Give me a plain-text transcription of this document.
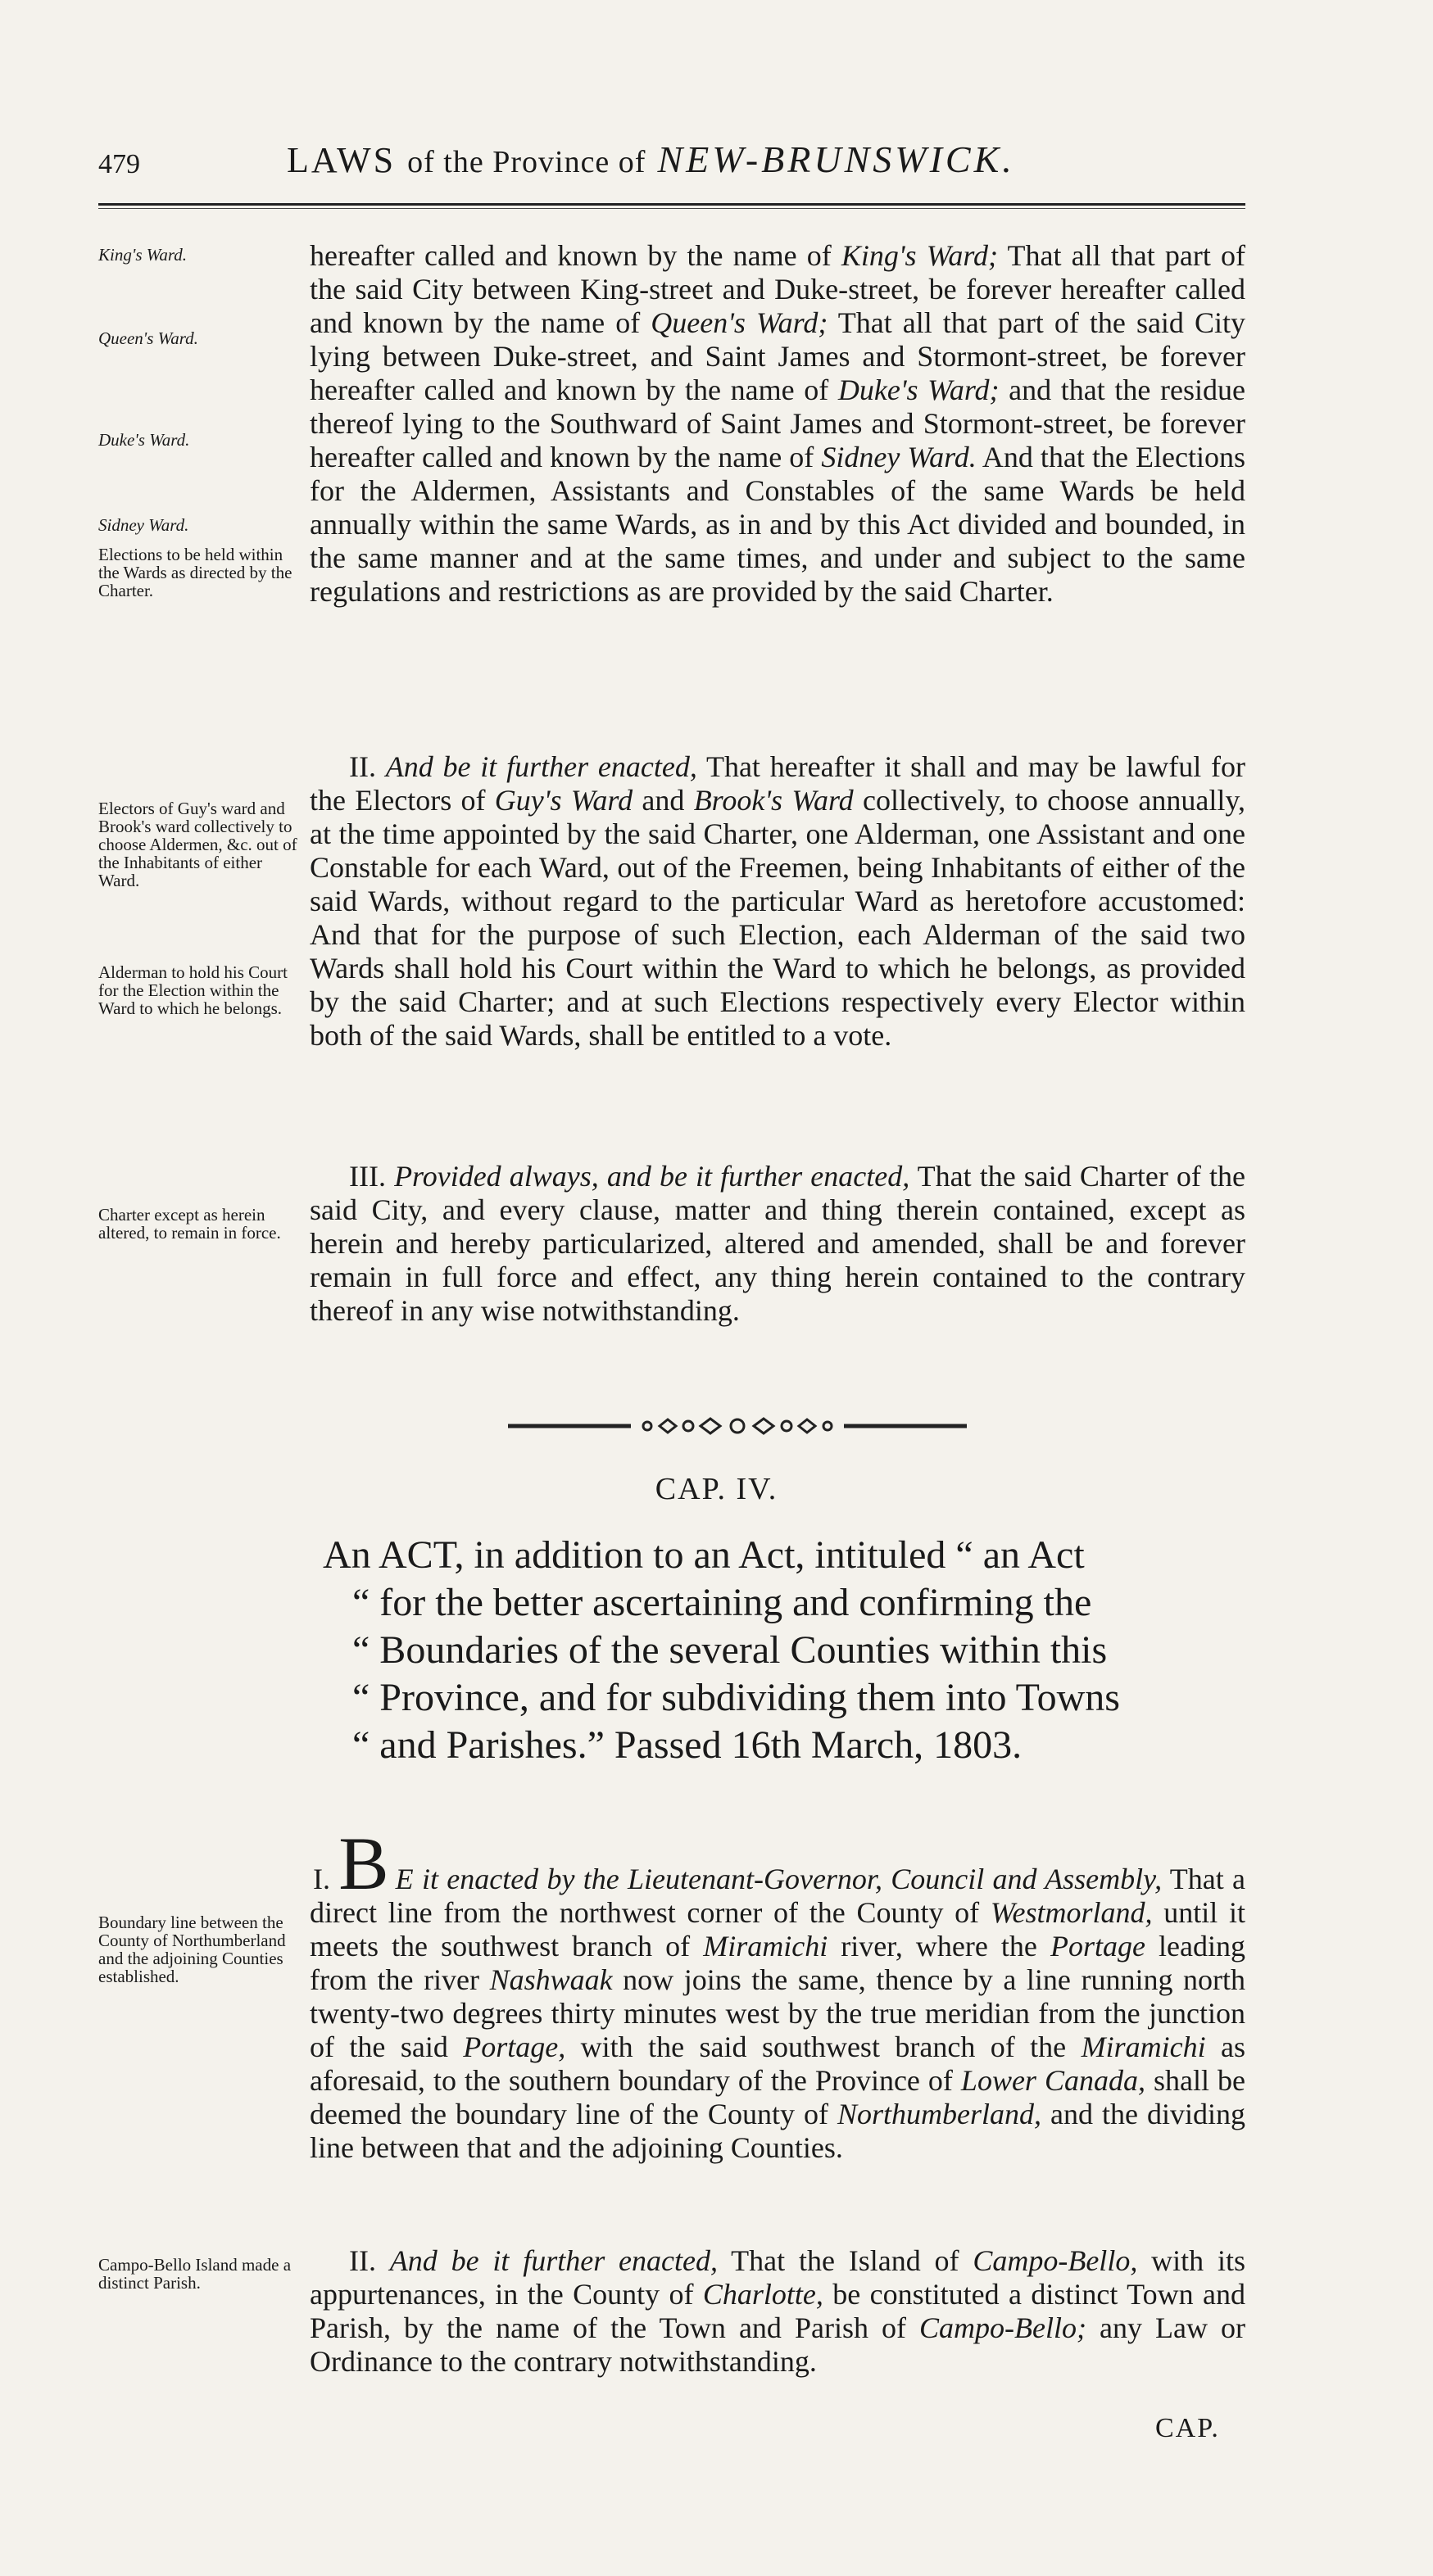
479	LAWS of the Province of NEW-BRUNSWICK.
King's Ward.
Queen's Ward.
Duke's Ward.
Sidney Ward.
Elections to be held within the Wards as directed by the Charter.
Electors of Guy's ward and Brook's ward collectively to choose Aldermen, &c. out of the Inhabitants of either Ward.
Alderman to hold his Court for the Election within the Ward to which he belongs.
Charter except as herein altered, to remain in force.
Boundary line between the County of Northumberland and the adjoining Counties established.
Campo-Bello Island made a distinct Parish.

hereafter called and known by the name of King's Ward; That all that part of the said City between King-street and Duke-street, be forever hereafter called and known by the name of Queen's Ward; That all that part of the said City lying between Duke-street, and Saint James and Stormont-street, be forever hereafter called and known by the name of Duke's Ward; and that the residue thereof lying to the Southward of Saint James and Stormont-street, be forever hereafter called and known by the name of Sidney Ward. And that the Elections for the Aldermen, Assistants and Constables of the same Wards be held annually within the same Wards, as in and by this Act divided and bounded, in the same manner and at the same times, and under and subject to the same regulations and restrictions as are provided by the said Charter.

II. And be it further enacted, That hereafter it shall and may be lawful for the Electors of Guy's Ward and Brook's Ward collectively, to choose annually, at the time appointed by the said Charter, one Alderman, one Assistant and one Constable for each Ward, out of the Freemen, being Inhabitants of either of the said Wards, without regard to the particular Ward as heretofore accustomed: And that for the purpose of such Election, each Alderman of the said two Wards shall hold his Court within the Ward to which he belongs, as provided by the said Charter; and at such Elections respectively every Elector within both of the said Wards, shall be entitled to a vote.

III. Provided always, and be it further enacted, That the said Charter of the said City, and every clause, matter and thing therein contained, except as herein and hereby particularized, altered and amended, shall be and forever remain in full force and effect, any thing herein contained to the contrary thereof in any wise notwithstanding.

CAP. IV.
An ACT, in addition to an Act, intituled “ an Act
“ for the better ascertaining and confirming the
“ Boundaries of the several Counties within this
“ Province, and for subdividing them into Towns
“ and Parishes.” Passed 16th March, 1803.

I. B E it enacted by the Lieutenant-Governor, Council and Assembly, That a direct line from the northwest corner of the County of Westmorland, until it meets the southwest branch of Miramichi river, where the Portage leading from the river Nashwaak now joins the same, thence by a line running north twenty-two degrees thirty minutes west by the true meridian from the junction of the said Portage, with the said southwest branch of the Miramichi as aforesaid, to the southern boundary of the Province of Lower Canada, shall be deemed the boundary line of the County of Northumberland, and the dividing line between that and the adjoining Counties.

II. And be it further enacted, That the Island of Campo-Bello, with its appurtenances, in the County of Charlotte, be constituted a distinct Town and Parish, by the name of the Town and Parish of Campo-Bello; any Law or Ordinance to the contrary notwithstanding.

CAP.
